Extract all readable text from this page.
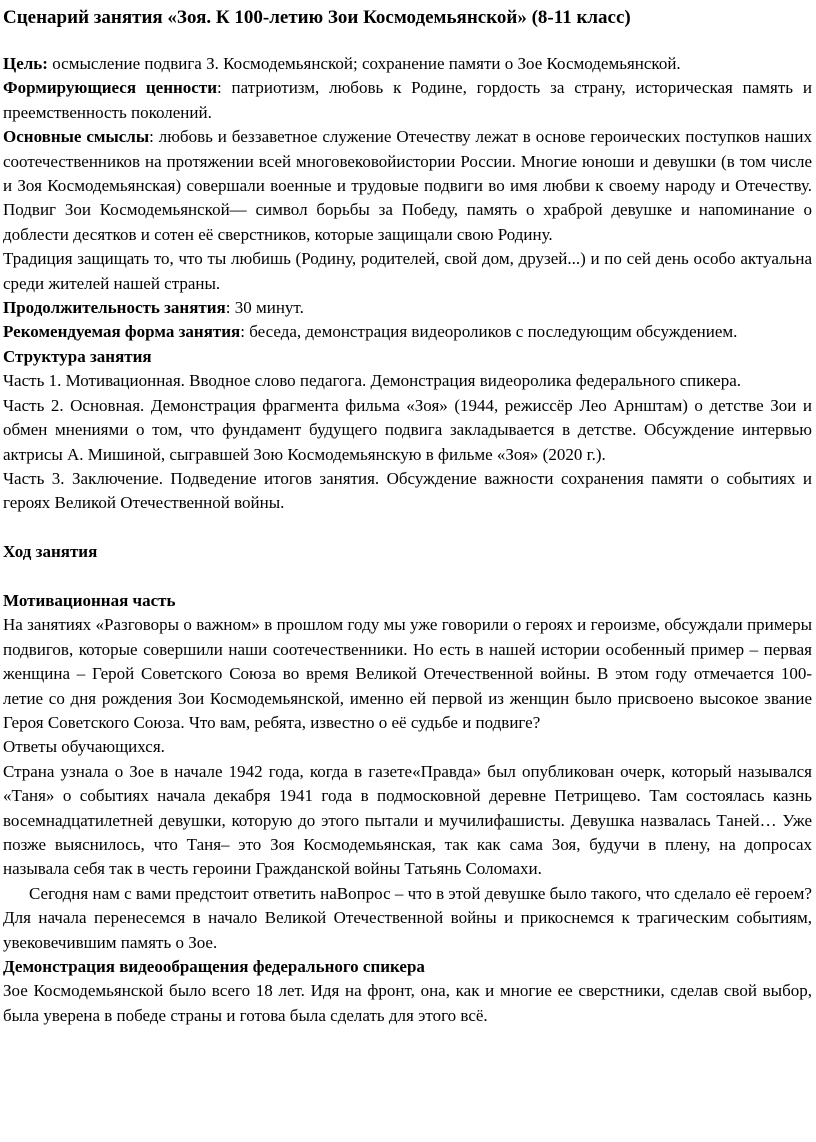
Сценарий занятия «Зоя. К 100-летию Зои Космодемьянской» (8-11 класс)

Цель: осмысление подвига З. Космодемьянской; сохранение памяти о Зое Космодемьянской.

Формирующиеся ценности: патриотизм, любовь к Родине, гордость за страну, историческая память и преемственность поколений.

Основные смыслы: любовь и беззаветное служение Отечеству лежат в основе героических поступков наших соотечественников на протяжении всей многовековойистории России. Многие юноши и девушки (в том числе и Зоя Космодемьянская) совершали военные и трудовые подвиги во имя любви к своему народу и Отечеству. Подвиг Зои Космодемьянской— символ борьбы за Победу, память о храброй девушке и напоминание о доблести десятков и сотен её сверстников, которые защищали свою Родину.

Традиция защищать то, что ты любишь (Родину, родителей, свой дом, друзей...) и по сей день особо актуальна среди жителей нашей страны.

Продолжительность занятия: 30 минут.

Рекомендуемая форма занятия: беседа, демонстрация видеороликов с последующим обсуждением.

Структура занятия

Часть 1. Мотивационная. Вводное слово педагога. Демонстрация видеоролика федерального спикера.

Часть 2. Основная. Демонстрация фрагмента фильма «Зоя» (1944, режиссёр Лео Арнштам) о детстве Зои и обмен мнениями о том, что фундамент будущего подвига закладывается в детстве. Обсуждение интервью актрисы А. Мишиной, сыгравшей Зою Космодемьянскую в фильме «Зоя» (2020 г.).

Часть 3. Заключение. Подведение итогов занятия. Обсуждение важности сохранения памяти о событиях и героях Великой Отечественной войны.

Ход занятия

Мотивационная часть

На занятиях «Разговоры о важном» в прошлом году мы уже говорили о героях и героизме, обсуждали примеры подвигов, которые совершили наши соотечественники. Но есть в нашей истории особенный пример – первая женщина – Герой Советского Союза во время Великой Отечественной войны. В этом году отмечается 100-летие со дня рождения Зои Космодемьянской, именно ей первой из женщин было присвоено высокое звание Героя Советского Союза. Что вам, ребята, известно о её судьбе и подвиге?

Ответы обучающихся.

Страна узнала о Зое в начале 1942 года, когда в газете«Правда» был опубликован очерк, который назывался «Таня» о событиях начала декабря 1941 года в подмосковной деревне Петрищево. Там состоялась казнь восемнадцатилетней девушки, которую до этого пытали и мучилифашисты. Девушка назвалась Таней… Уже позже выяснилось, что Таня– это Зоя Космодемьянская, так как сама Зоя, будучи в плену, на допросах называла себя так в честь героини Гражданской войны Татьянь Соломахи.

Сегодня нам с вами предстоит ответить наВопрос – что в этой девушке было такого, что сделало её героем?

Для начала перенесемся в начало Великой Отечественной войны и прикоснемся к трагическим событиям, увековечившим память о Зое.

Демонстрация видеообращения федерального спикера

Зое Космодемьянской было всего 18 лет. Идя на фронт, она, как и многие ее сверстники, сделав свой выбор, была уверена в победе страны и готова была сделать для этого всё.
